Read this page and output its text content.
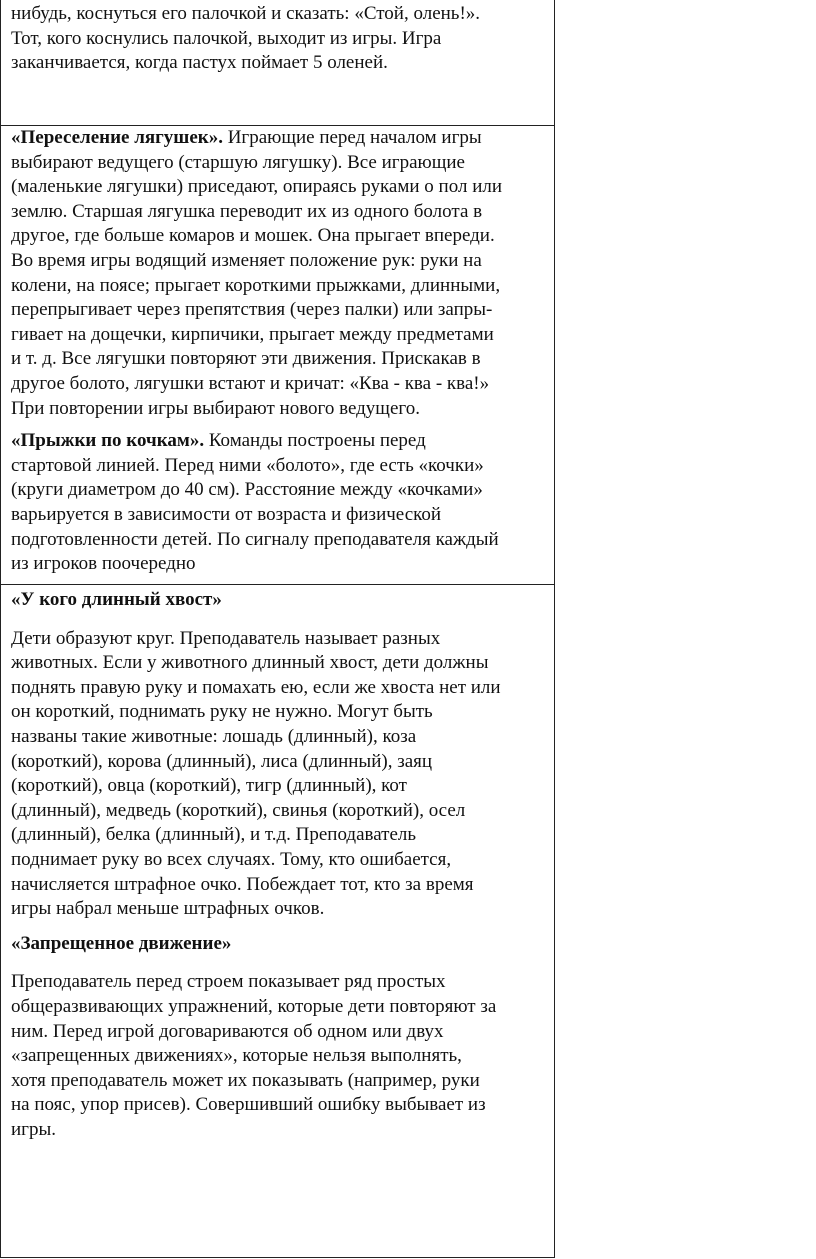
нибудь, коснуться его палочкой и сказать: «Стой, олень!».
Тот, кого коснулись палочкой, выходит из игры. Игра
заканчивается, когда пастух поймает 5 оленей.

«Переселение лягушек». Играющие перед началом игры
выбирают ведущего (старшую лягушку). Все играющие
(маленькие лягушки) приседают, опираясь руками о пол или
землю. Старшая лягушка переводит их из одного болота в
другое, где больше комаров и мошек. Она прыгает впереди.
Во время игры водящий изменяет положение рук: руки на
колени, на поясе; прыгает короткими прыжками, длинными,
перепрыгивает через препятствия (через палки) или запры-
гивает на дощечки, кирпичики, прыгает между предметами
и т. д. Все лягушки повторяют эти движения. Прискакав в
другое болото, лягушки встают и кричат: «Ква - ква - ква!»
При повторении игры выбирают нового ведущего.

«Прыжки по кочкам». Команды построены перед
стартовой линией. Перед ними «болото», где есть «кочки»
(круги диаметром до 40 см). Расстояние между «кочками»
варьируется в зависимости от возраста и физической
подготовленности детей. По сигналу преподавателя каждый
из игроков поочередно

«У кого длинный хвост»

Дети образуют круг. Преподаватель называет разных
животных. Если у животного длинный хвост, дети должны
поднять правую руку и помахать ею, если же хвоста нет или
он короткий, поднимать руку не нужно. Могут быть
названы такие животные: лошадь (длинный), коза
(короткий), корова (длинный), лиса (длинный), заяц
(короткий), овца (короткий), тигр (длинный), кот
(длинный), медведь (короткий), свинья (короткий), осел
(длинный), белка (длинный), и т.д. Преподаватель
поднимает руку во всех случаях. Тому, кто ошибается,
начисляется штрафное очко. Побеждает тот, кто за время
игры набрал меньше штрафных очков.

«Запрещенное движение»

Преподаватель перед строем показывает ряд простых
общеразвивающих упражнений, которые дети повторяют за
ним. Перед игрой договариваются об одном или двух
«запрещенных движениях», которые нельзя выполнять,
хотя преподаватель может их показывать (например, руки
на пояс, упор присев). Совершивший ошибку выбывает из
игры.
